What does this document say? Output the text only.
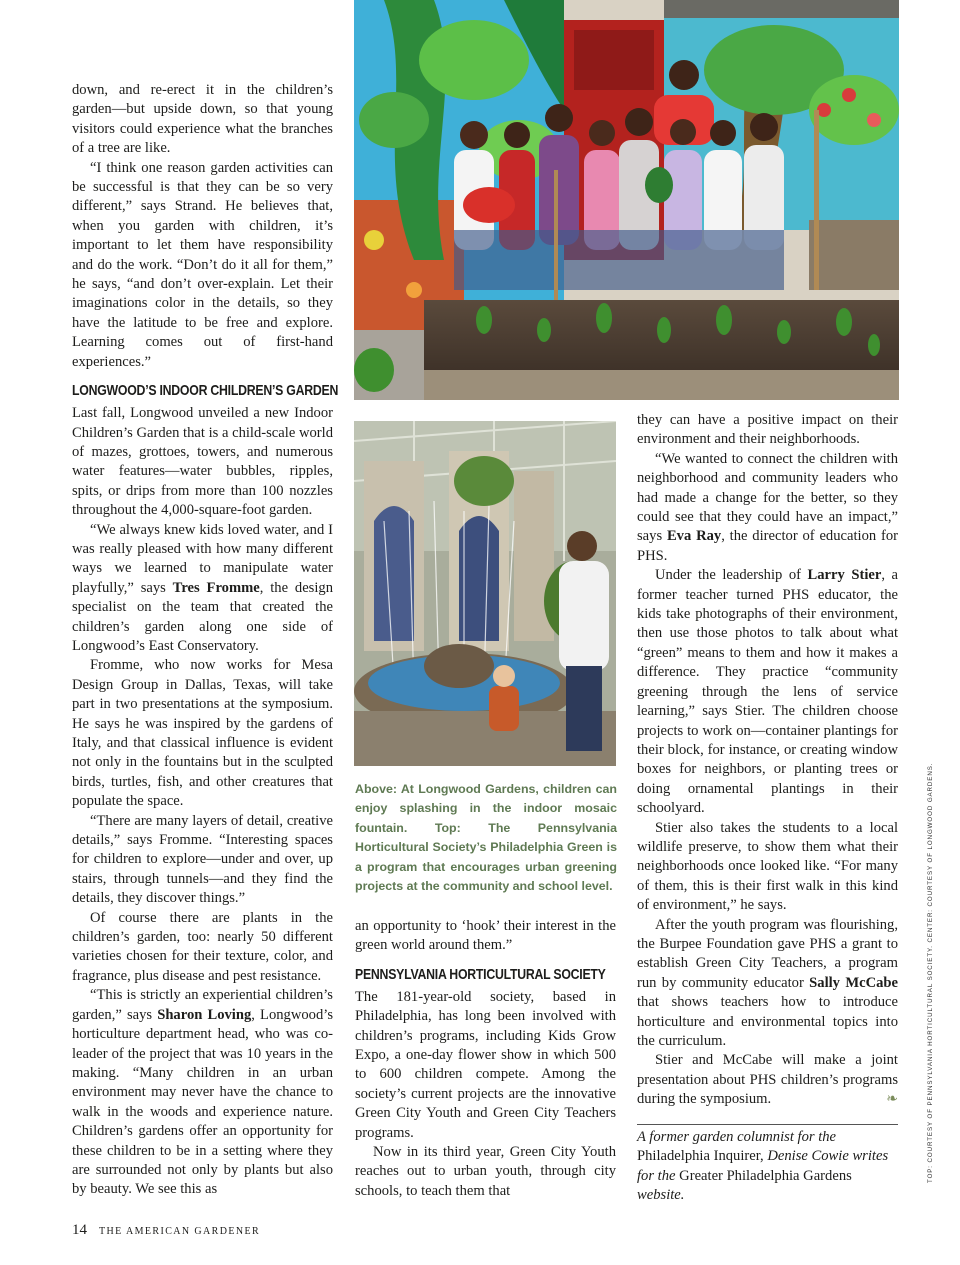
down, and re-erect it in the children’s garden—but upside down, so that young visitors could experience what the branches of a tree are like.

“I think one reason garden activities can be successful is that they can be so very different,” says Strand. He believes that, when you garden with children, it’s important to let them have responsibility and do the work. “Don’t do it all for them,” he says, “and don’t over-explain. Let their imaginations color in the details, so they have the latitude to be free and explore. Learning comes out of first-hand experiences.”

LONGWOOD’S INDOOR CHILDREN’S GARDEN

Last fall, Longwood unveiled a new Indoor Children’s Garden that is a child-scale world of mazes, grottoes, towers, and numerous water features—water bubbles, ripples, spits, or drips from more than 100 nozzles throughout the 4,000-square-foot garden.

“We always knew kids loved water, and I was really pleased with how many different ways we learned to manipulate water playfully,” says Tres Fromme, the design specialist on the team that created the children’s garden along one side of Longwood’s East Conservatory.

Fromme, who now works for Mesa Design Group in Dallas, Texas, will take part in two presentations at the symposium. He says he was inspired by the gardens of Italy, and that classical influence is evident not only in the fountains but in the sculpted birds, turtles, fish, and other creatures that populate the space.

“There are many layers of detail, creative details,” says Fromme. “Interesting spaces for children to explore—under and over, up stairs, through tunnels—and they find the details, they discover things.”

Of course there are plants in the children’s garden, too: nearly 50 different varieties chosen for their texture, color, and fragrance, plus disease and pest resistance.

“This is strictly an experiential children’s garden,” says Sharon Loving, Longwood’s horticulture department head, who was co-leader of the project that was 10 years in the making. “Many children in an urban environment may never have the chance to walk in the woods and experience nature. Children’s gardens offer an opportunity for these children to be in a setting where they are surrounded not only by plants but also by beauty. We see this as

Above: At Longwood Gardens, children can enjoy splashing in the indoor mosaic fountain. Top: The Pennsylvania Horticultural Society’s Philadelphia Green is a program that encourages urban greening projects at the community and school level.

an opportunity to ‘hook’ their interest in the green world around them.”

PENNSYLVANIA HORTICULTURAL SOCIETY

The 181-year-old society, based in Philadelphia, has long been involved with children’s programs, including Kids Grow Expo, a one-day flower show in which 500 to 600 children compete. Among the society’s current projects are the innovative Green City Youth and Green City Teachers programs.

Now in its third year, Green City Youth reaches out to urban youth, through city schools, to teach them that

they can have a positive impact on their environment and their neighborhoods.

“We wanted to connect the children with neighborhood and community leaders who had made a change for the better, so they could see that they could have an impact,” says Eva Ray, the director of education for PHS.

Under the leadership of Larry Stier, a former teacher turned PHS educator, the kids take photographs of their environment, then use those photos to talk about what “green” means to them and how it makes a difference. They practice “community greening through the lens of service learning,” says Stier. The children choose projects to work on—container plantings for their block, for instance, or creating window boxes for neighbors, or planting trees or doing ornamental plantings in their schoolyard.

Stier also takes the students to a local wildlife preserve, to show them what their neighborhoods once looked like. “For many of them, this is their first walk in this kind of environment,” he says.

After the youth program was flourishing, the Burpee Foundation gave PHS a grant to establish Green City Teachers, a program run by community educator Sally McCabe that shows teachers how to introduce horticulture and environmental topics into the curriculum.

Stier and McCabe will make a joint presentation about PHS children’s programs during the symposium.	❧

A former garden columnist for the Philadelphia Inquirer, Denise Cowie writes for the Greater Philadelphia Gardens website.
TOP: COURTESY OF PENNSYLVANIA HORTICULTURAL SOCIETY. CENTER: COURTESY OF LONGWOOD GARDENS.
14 THE AMERICAN GARDENER
